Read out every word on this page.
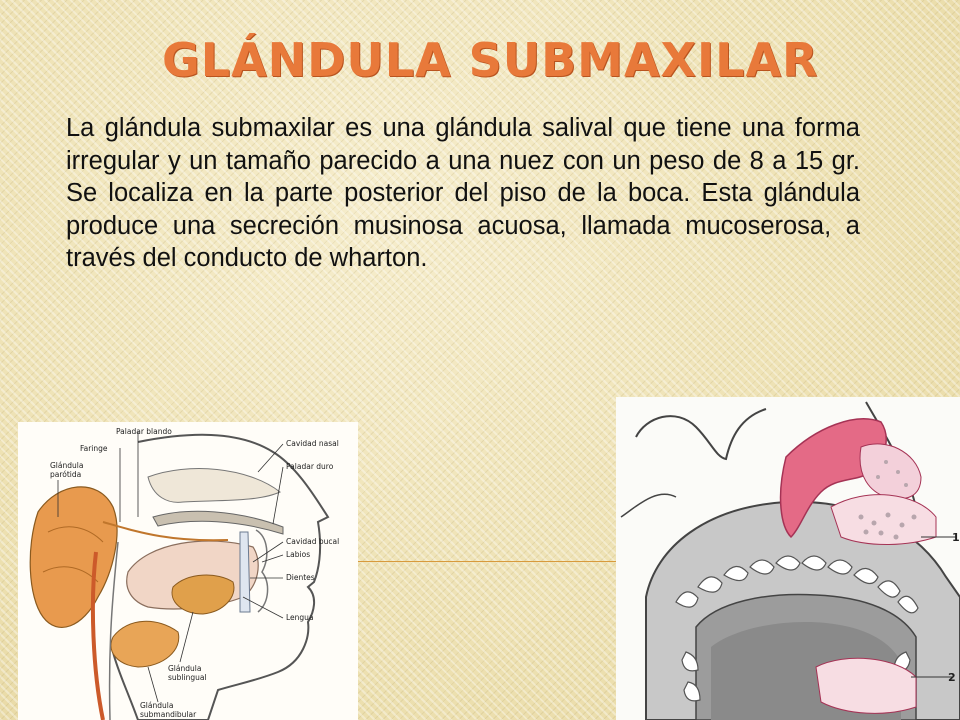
GLÁNDULA SUBMAXILAR

La glándula submaxilar es una glándula salival que tiene una forma irregular y un tamaño parecido a una nuez con un peso de 8 a 15 gr. Se localiza en la parte posterior del piso de la boca. Esta glándula produce una secreción musinosa acuosa, llamada mucoserosa, a través del conducto de wharton.

Paladar blando
Faringe
Glándula
parótida
Cavidad nasal
Paladar duro
Cavidad bucal
Labios
Dientes
Lengua
Glándula
sublingual
Glándula
submandibular
1
2
